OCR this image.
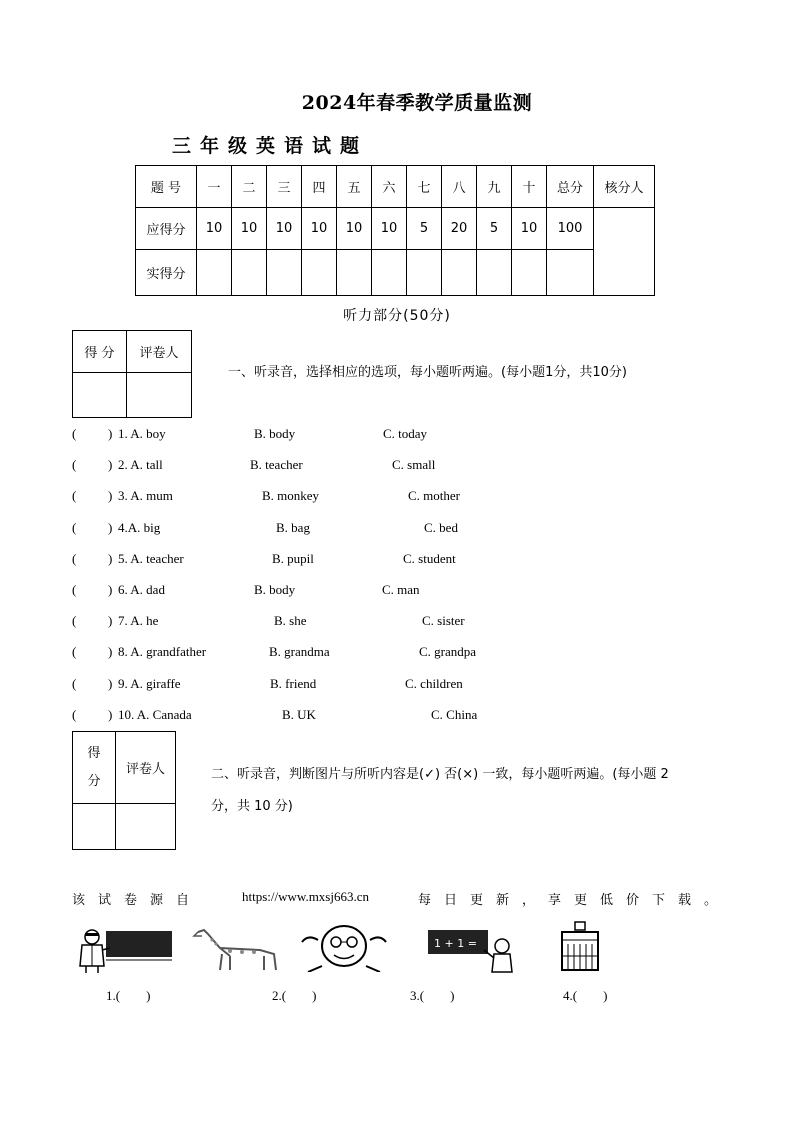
2024年春季教学质量监测
三年级英语试题
题 号	一	二	三	四	五	六	七	八	九	十	总分	核分人
应得分	10	10	10	10	10	10	5	20	5	10	100	
实得分												
听力部分(50分)
得 分	评卷人

一、听录音，选择相应的选项，每小题听两遍。(每小题1分，共10分)
( ) 1. A. boy	B. body	C. today
( ) 2. A. tall	B. teacher	C. small
( ) 3. A. mum	B. monkey	C. mother
( ) 4.A. big	B. bag	C. bed
( ) 5. A. teacher	B. pupil	C. student
( ) 6. A. dad	B. body	C. man
( ) 7. A. he	B. she	C. sister
( ) 8. A. grandfather	B. grandma	C. grandpa
( ) 9. A. giraffe	B. friend	C. children
( ) 10. A. Canada	B. UK	C. China
得
分	评卷人
		二、听录音，判断图片与所听内容是(✓) 否(×) 一致，每小题听两遍。(每小题 2
分，共 10 分)
该 试 卷 源 自	https://www.mxsj663.cn	每 日 更 新 ， 享 更 低 价 下 载 。
1 + 1 =
1.(　　)	2.(　　)	3.(　　)	4.(　　)
